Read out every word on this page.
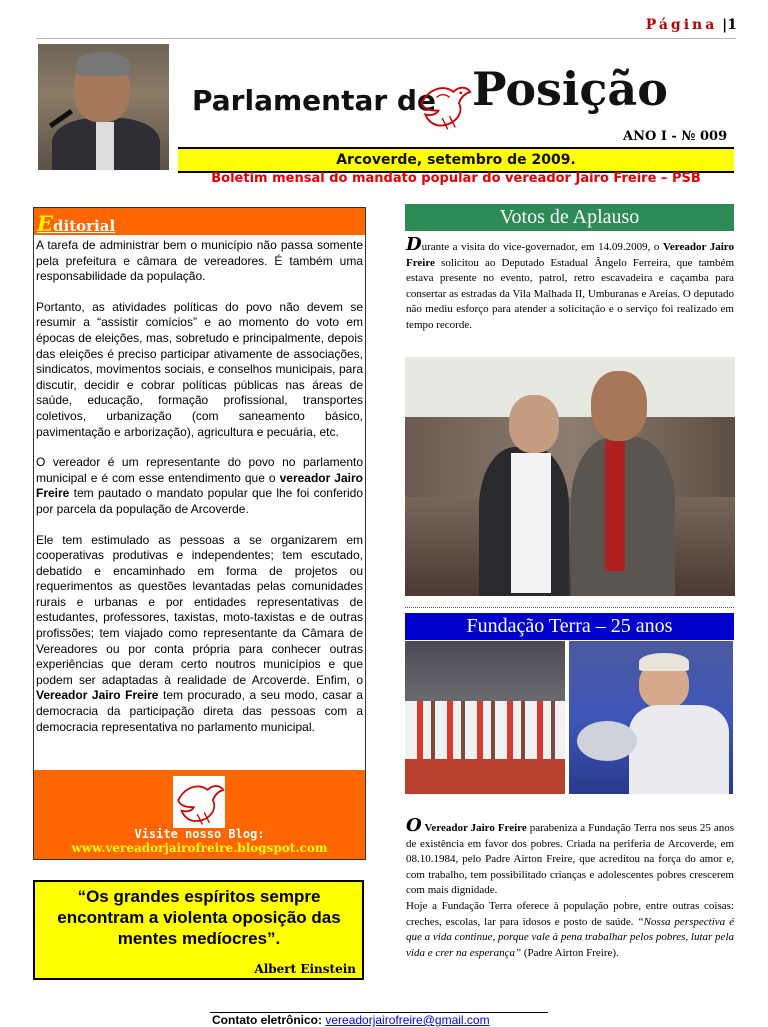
Página |1
Parlamentar de Posição
ANO I - № 009
Arcoverde, setembro de 2009.
Boletim mensal do mandato popular do vereador Jairo Freire – PSB
Editorial

A tarefa de administrar bem o município não passa somente pela prefeitura e câmara de vereadores. É também uma responsabilidade da população.

Portanto, as atividades políticas do povo não devem se resumir a “assistir comícios” e ao momento do voto em épocas de eleições, mas, sobretudo e principalmente, depois das eleições é preciso participar ativamente de associações, sindicatos, movimentos sociais, e conselhos municipais, para discutir, decidir e cobrar políticas públicas nas áreas de saúde, educação, formação profissional, transportes coletivos, urbanização (com saneamento básico, pavimentação e arborização), agricultura e pecuária, etc.

O vereador é um representante do povo no parlamento municipal e é com esse entendimento que o vereador Jairo Freire tem pautado o mandato popular que lhe foi conferido por parcela da população de Arcoverde.

Ele tem estimulado as pessoas a se organizarem em cooperativas produtivas e independentes; tem escutado, debatido e encaminhado em forma de projetos ou requerimentos as questões levantadas pelas comunidades rurais e urbanas e por entidades representativas de estudantes, professores, taxistas, moto-taxistas e de outras profissões; tem viajado como representante da Câmara de Vereadores ou por conta própria para conhecer outras experiências que deram certo noutros municípios e que podem ser adaptadas à realidade de Arcoverde. Enfim, o Vereador Jairo Freire tem procurado, a seu modo, casar a democracia da participação direta das pessoas com a democracia representativa no parlamento municipal.

Visite nosso Blog:
www.vereadorjairofreire.blogspot.com
“Os grandes espíritos sempre encontram a violenta oposição das mentes medíocres”.
Albert Einstein
Votos de Aplauso
Durante a visita do vice-governador, em 14.09.2009, o Vereador Jairo Freire solicitou ao Deputado Estadual Ângelo Ferreira, que também estava presente no evento, patrol, retro escavadeira e caçamba para consertar as estradas da Vila Malhada II, Umburanas e Areias. O deputado não mediu esforço para atender a solicitação e o serviço foi realizado em tempo recorde.
Fundação Terra – 25 anos

O Vereador Jairo Freire parabeniza a Fundação Terra nos seus 25 anos de existência em favor dos pobres. Criada na periferia de Arcoverde, em 08.10.1984, pelo Padre Airton Freire, que acreditou na força do amor e, com trabalho, tem possibilitado crianças e adolescentes pobres crescerem com mais dignidade.

Hoje a Fundação Terra oferece à população pobre, entre outras coisas: creches, escolas, lar para idosos e posto de saúde. “Nossa perspectiva é que a vida continue, porque vale à pena trabalhar pelos pobres, lutar pela vida e crer na esperança” (Padre Airton Freire).

Contato eletrônico: vereadorjairofreire@gmail.com
